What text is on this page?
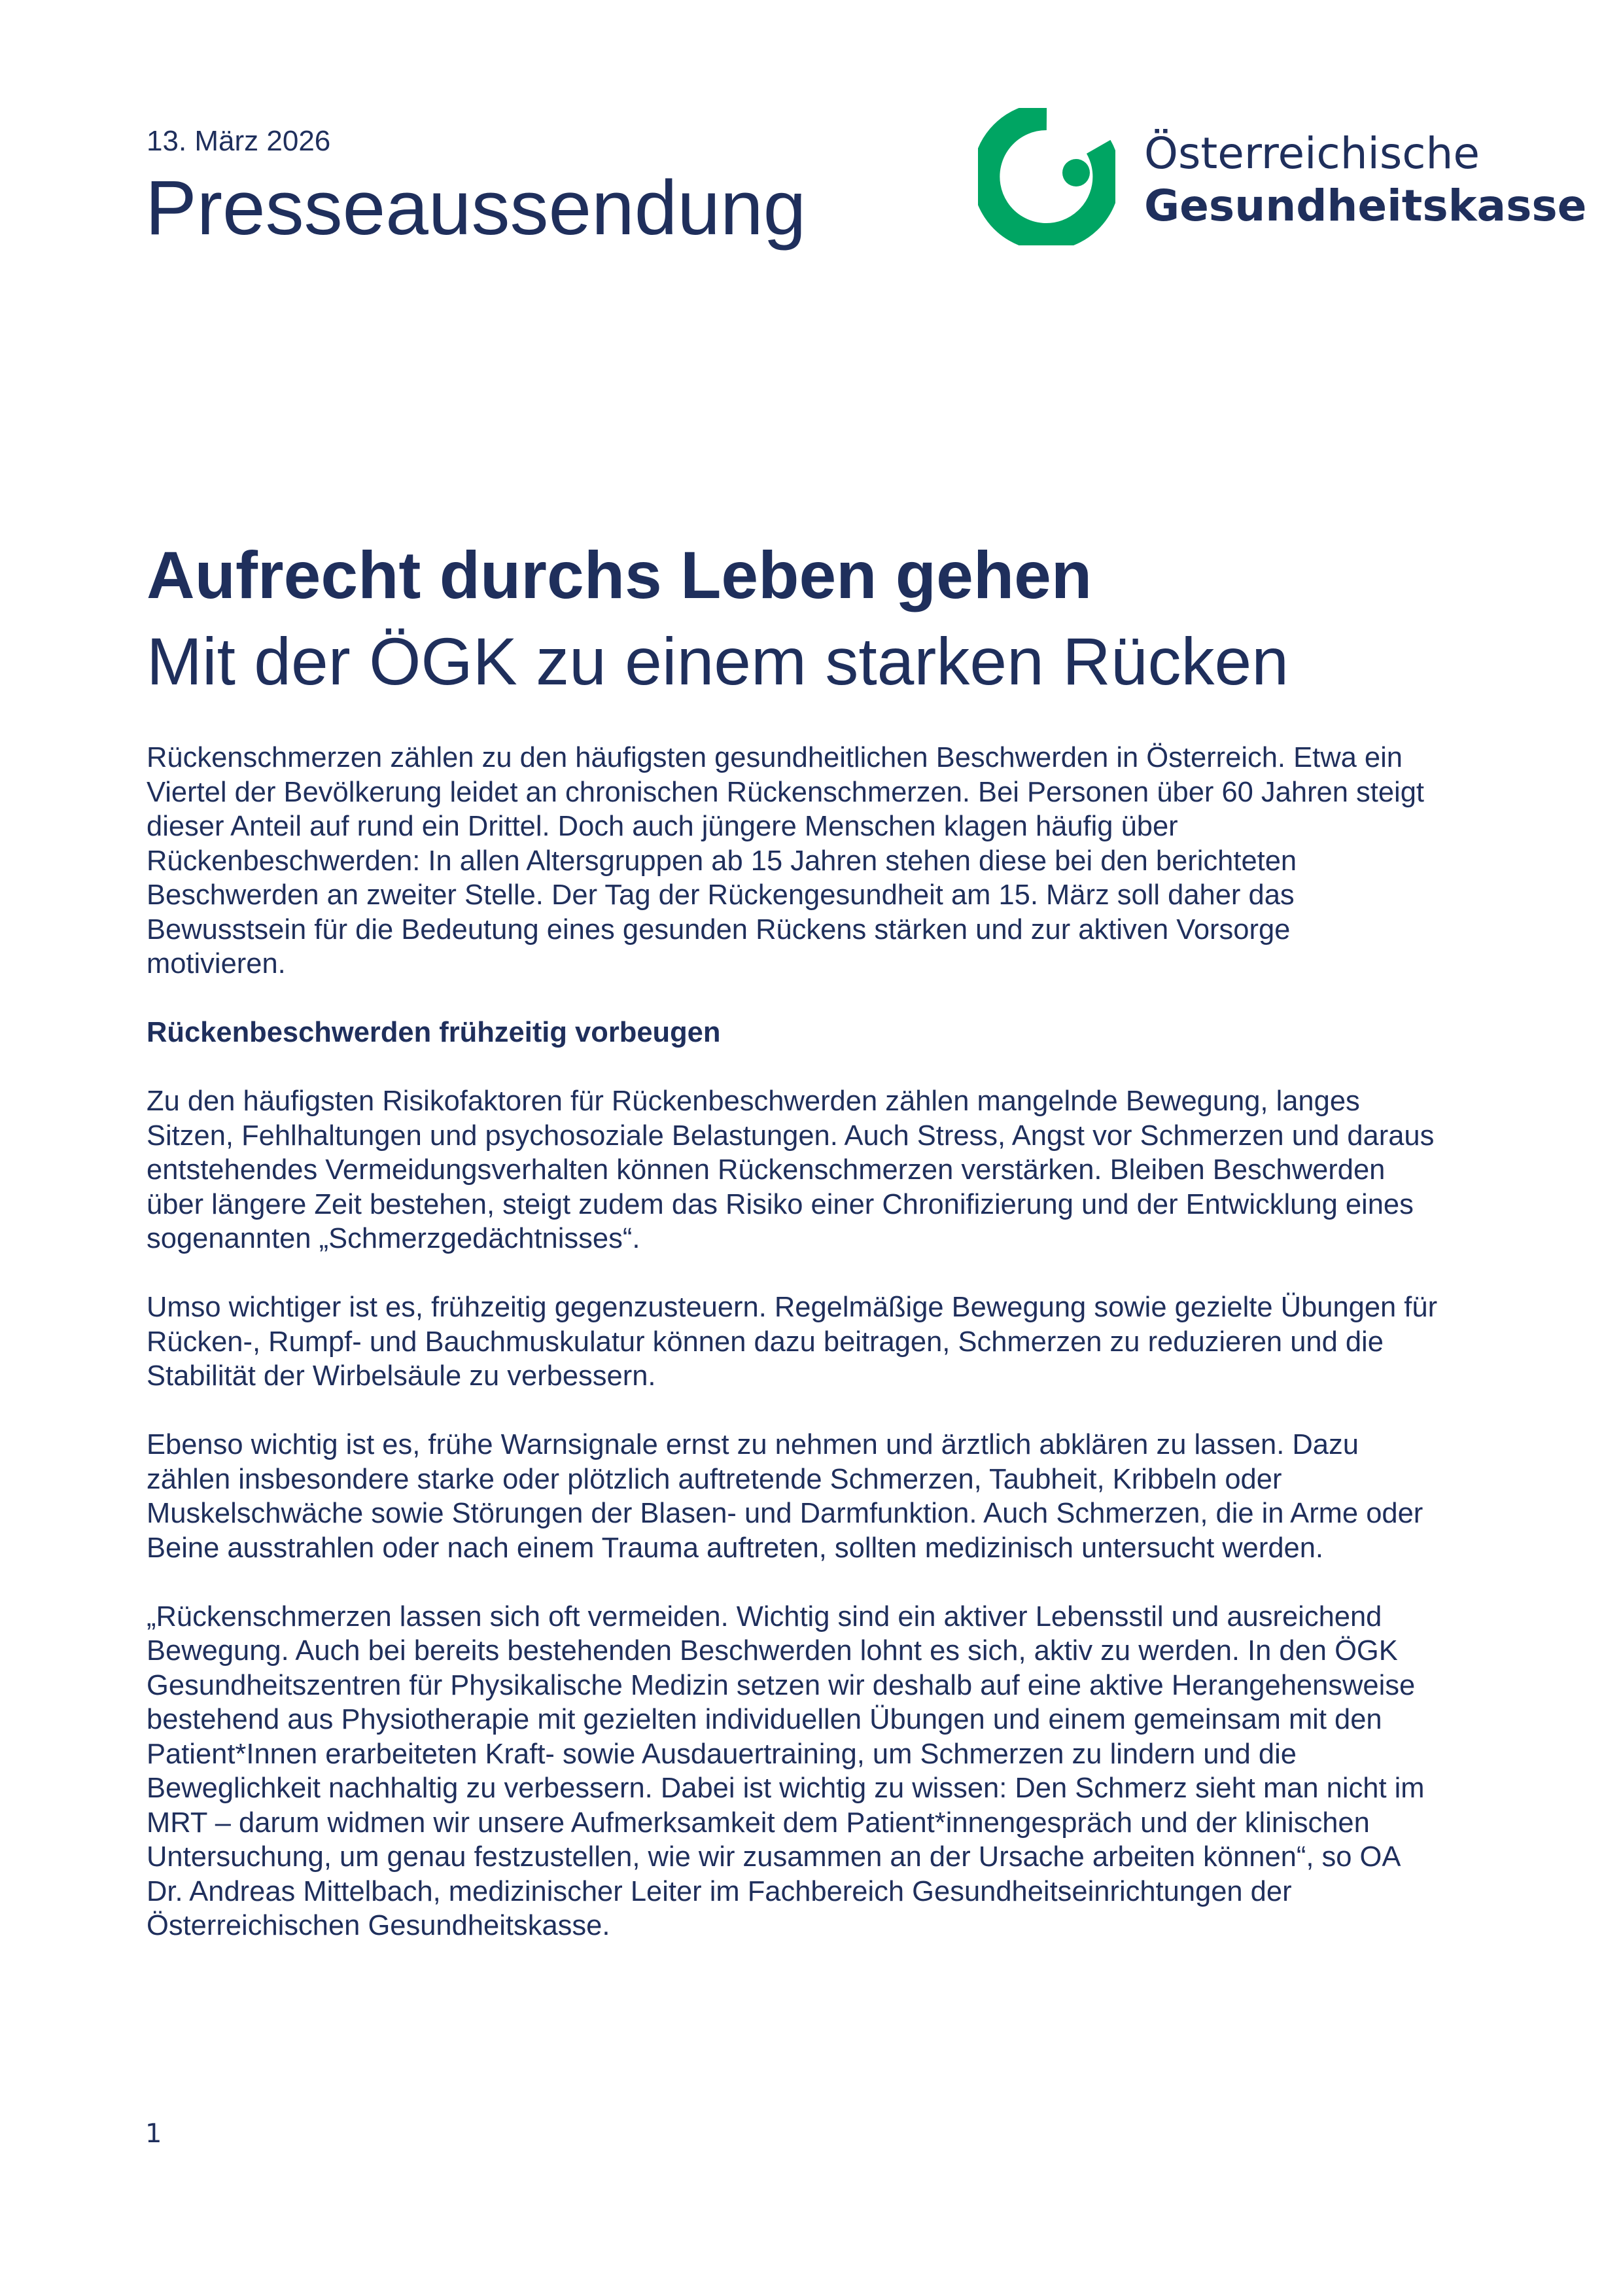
13. März 2026
Presseaussendung
Österreichische
Gesundheitskasse
Aufrecht durchs Leben gehen
Mit der ÖGK zu einem starken Rücken

Rückenschmerzen zählen zu den häufigsten gesundheitlichen Beschwerden in Österreich. Etwa ein
Viertel der Bevölkerung leidet an chronischen Rückenschmerzen. Bei Personen über 60 Jahren steigt
dieser Anteil auf rund ein Drittel. Doch auch jüngere Menschen klagen häufig über
Rückenbeschwerden: In allen Altersgruppen ab 15 Jahren stehen diese bei den berichteten
Beschwerden an zweiter Stelle. Der Tag der Rückengesundheit am 15. März soll daher das
Bewusstsein für die Bedeutung eines gesunden Rückens stärken und zur aktiven Vorsorge
motivieren.

Rückenbeschwerden frühzeitig vorbeugen

Zu den häufigsten Risikofaktoren für Rückenbeschwerden zählen mangelnde Bewegung, langes
Sitzen, Fehlhaltungen und psychosoziale Belastungen. Auch Stress, Angst vor Schmerzen und daraus
entstehendes Vermeidungsverhalten können Rückenschmerzen verstärken. Bleiben Beschwerden
über längere Zeit bestehen, steigt zudem das Risiko einer Chronifizierung und der Entwicklung eines
sogenannten „Schmerzgedächtnisses“.

Umso wichtiger ist es, frühzeitig gegenzusteuern. Regelmäßige Bewegung sowie gezielte Übungen für
Rücken-, Rumpf- und Bauchmuskulatur können dazu beitragen, Schmerzen zu reduzieren und die
Stabilität der Wirbelsäule zu verbessern.

Ebenso wichtig ist es, frühe Warnsignale ernst zu nehmen und ärztlich abklären zu lassen. Dazu
zählen insbesondere starke oder plötzlich auftretende Schmerzen, Taubheit, Kribbeln oder
Muskelschwäche sowie Störungen der Blasen- und Darmfunktion. Auch Schmerzen, die in Arme oder
Beine ausstrahlen oder nach einem Trauma auftreten, sollten medizinisch untersucht werden.

„Rückenschmerzen lassen sich oft vermeiden. Wichtig sind ein aktiver Lebensstil und ausreichend
Bewegung. Auch bei bereits bestehenden Beschwerden lohnt es sich, aktiv zu werden. In den ÖGK
Gesundheitszentren für Physikalische Medizin setzen wir deshalb auf eine aktive Herangehensweise
bestehend aus Physiotherapie mit gezielten individuellen Übungen und einem gemeinsam mit den
Patient*Innen erarbeiteten Kraft- sowie Ausdauertraining, um Schmerzen zu lindern und die
Beweglichkeit nachhaltig zu verbessern. Dabei ist wichtig zu wissen: Den Schmerz sieht man nicht im
MRT – darum widmen wir unsere Aufmerksamkeit dem Patient*innengespräch und der klinischen
Untersuchung, um genau festzustellen, wie wir zusammen an der Ursache arbeiten können“, so OA
Dr. Andreas Mittelbach, medizinischer Leiter im Fachbereich Gesundheitseinrichtungen der
Österreichischen Gesundheitskasse.

1
